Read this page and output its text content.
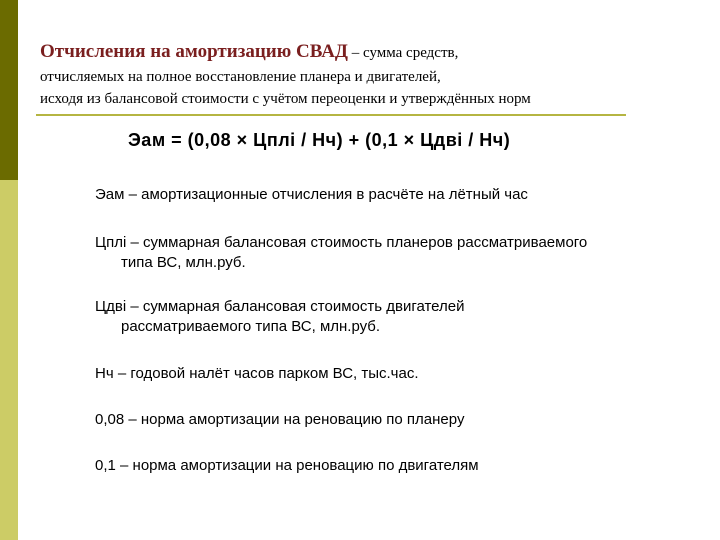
Отчисления на амортизацию СВАД – сумма средств,
отчисляемых на полное восстановление планера и двигателей,
исходя из балансовой стоимости с учётом переоценки и утверждённых норм
Эам = (0,08 × Цплi / Нч) + (0,1 × Цдвi / Нч)
Эам – амортизационные отчисления в расчёте на лётный час
Цплi – суммарная балансовая стоимость планеров рассматриваемого
типа ВС, млн.руб.
Цдвi – суммарная балансовая стоимость двигателей
рассматриваемого типа ВС, млн.руб.
Нч – годовой налёт часов парком ВС, тыс.час.
0,08 – норма амортизации на реновацию по планеру
0,1 – норма амортизации на реновацию по двигателям
